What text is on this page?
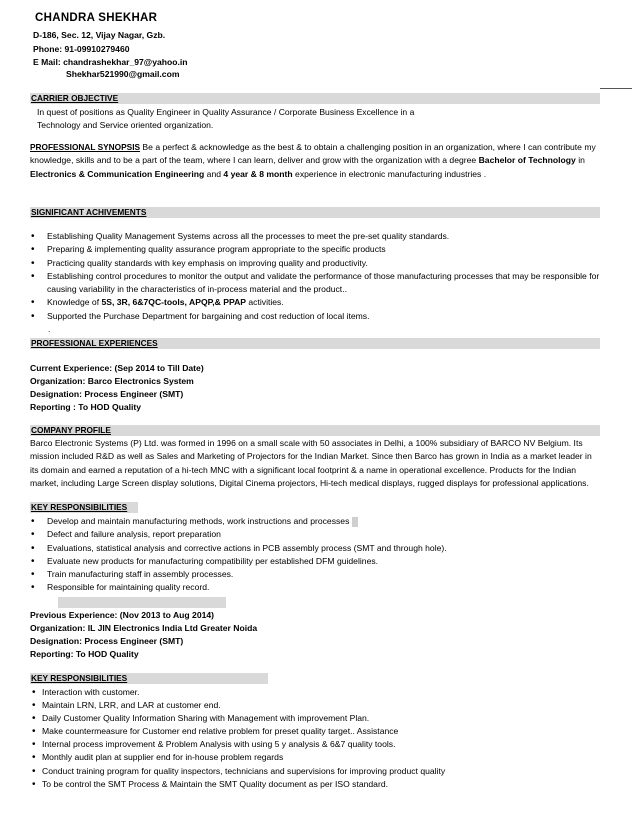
CHANDRA SHEKHAR
D-186, Sec. 12, Vijay Nagar, Gzb.
Phone: 91-09910279460
E Mail: chandrashekhar_97@yahoo.in
Shekhar521990@gmail.com
CARRIER OBJECTIVE
In quest of positions as Quality Engineer in Quality Assurance / Corporate Business Excellence in a
Technology and Service oriented organization.
PROFESSIONAL SYNOPSIS Be a perfect & acknowledge as the best & to obtain a challenging position in an organization, where I can contribute my knowledge, skills and to be a part of the team, where I can learn, deliver and grow with the organization with a degree Bachelor of Technology in Electronics & Communication Engineering and 4 year & 8 month experience in electronic manufacturing industries .
SIGNIFICANT ACHIVEMENTS
• Establishing Quality Management Systems across all the processes to meet the pre-set quality standards.
• Preparing & implementing quality assurance program appropriate to the specific products
• Practicing quality standards with key emphasis on improving quality and productivity.
• Establishing control procedures to monitor the output and validate the performance of those manufacturing processes that may be responsible for causing variability in the characteristics of in-process material and the product..
• Knowledge of 5S, 3R, 6&7QC-tools, APQP,& PPAP activities.
• Supported the Purchase Department for bargaining and cost reduction of local items.
.
PROFESSIONAL EXPERIENCES
Current Experience: (Sep 2014 to Till Date)
Organization: Barco Electronics System
Designation: Process Engineer (SMT)
Reporting : To HOD Quality
COMPANY PROFILE
Barco Electronic Systems (P) Ltd. was formed in 1996 on a small scale with 50 associates in Delhi, a 100% subsidiary of BARCO NV Belgium. Its mission included R&D as well as Sales and Marketing of Projectors for the Indian Market. Since then Barco has grown in India as a market leader in its domain and earned a reputation of a hi-tech MNC with a significant local footprint & a name in operational excellence. Products for the Indian market, including Large Screen display solutions, Digital Cinema projectors, Hi-tech medical displays, rugged displays for professional applications.
KEY RESPONSIBILITIES
• Develop and maintain manufacturing methods, work instructions and processes
• Defect and failure analysis, report preparation
• Evaluations, statistical analysis and corrective actions in PCB assembly process (SMT and through hole).
• Evaluate new products for manufacturing compatibility per established DFM guidelines.
• Train manufacturing staff in assembly processes.
• Responsible for maintaining quality record.
Previous Experience: (Nov 2013 to Aug 2014)
Organization: IL JIN Electronics India Ltd Greater Noida
Designation: Process Engineer (SMT)
Reporting: To HOD Quality
KEY RESPONSIBILITIES
• Interaction with customer.
• Maintain LRN, LRR, and LAR at customer end.
• Daily Customer Quality Information Sharing with Management with improvement Plan.
• Make countermeasure for Customer end relative problem for preset quality target.. Assistance
• Internal process improvement & Problem Analysis with using 5 y analysis & 6&7 quality tools.
• Monthly audit plan at supplier end for in-house problem regards
• Conduct training program for quality inspectors, technicians and supervisions for improving product quality
• To be control the SMT Process & Maintain the SMT Quality document as per ISO standard.
